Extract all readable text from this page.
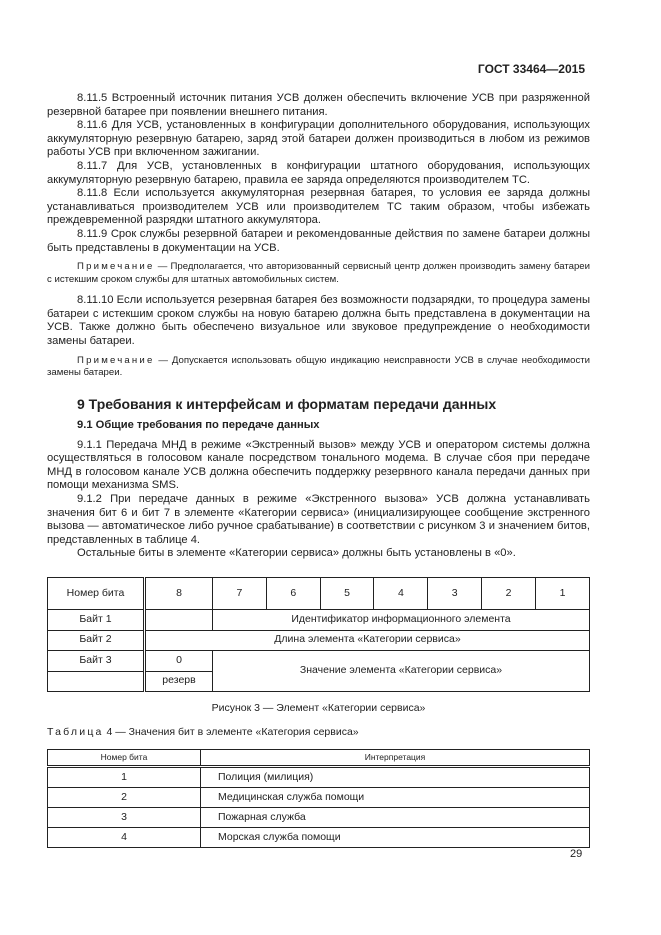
ГОСТ 33464—2015

8.11.5 Встроенный источник питания УСВ должен обеспечить включение УСВ при разряженной резервной батарее при появлении внешнего питания.

8.11.6 Для УСВ, установленных в конфигурации дополнительного оборудования, использующих аккумуляторную резервную батарею, заряд этой батареи должен производиться в любом из режимов работы УСВ при включенном зажигании.

8.11.7 Для УСВ, установленных в конфигурации штатного оборудования, использующих аккумуляторную резервную батарею, правила ее заряда определяются производителем ТС.

8.11.8 Если используется аккумуляторная резервная батарея, то условия ее заряда должны устанавливаться производителем УСВ или производителем ТС таким образом, чтобы избежать преждевременной разрядки штатного аккумулятора.

8.11.9 Срок службы резервной батареи и рекомендованные действия по замене батареи должны быть представлены в документации на УСВ.

Примечание — Предполагается, что авторизованный сервисный центр должен производить замену батареи с истекшим сроком службы для штатных автомобильных систем.

8.11.10 Если используется резервная батарея без возможности подзарядки, то процедура замены батареи с истекшим сроком службы на новую батарею должна быть представлена в документации на УСВ. Также должно быть обеспечено визуальное или звуковое предупреждение о необходимости замены батареи.

Примечание — Допускается использовать общую индикацию неисправности УСВ в случае необходимости замены батареи.

9 Требования к интерфейсам и форматам передачи данных
9.1 Общие требования по передаче данных

9.1.1 Передача МНД в режиме «Экстренный вызов» между УСВ и оператором системы должна осуществляться в голосовом канале посредством тонального модема. В случае сбоя при передаче МНД в голосовом канале УСВ должна обеспечить поддержку резервного канала передачи данных при помощи механизма SMS.

9.1.2 При передаче данных в режиме «Экстренного вызова» УСВ должна устанавливать значения бит 6 и бит 7 в элементе «Категории сервиса» (инициализирующее сообщение экстренного вызова — автоматическое либо ручное срабатывание) в соответствии с рисунком 3 и значением битов, представленных в таблице 4.

Остальные биты в элементе «Категории сервиса» должны быть установлены в «0».

Номер бита	8	7	6	5	4	3	2	1
Байт 1		Идентификатор информационного элемента						
Байт 2	Длина элемента «Категории сервиса»							
Байт 3	0	Значение элемента «Категории сервиса»						
	резерв							
Рисунок 3 — Элемент «Категории сервиса»
Таблица 4 — Значения бит в элементе «Категория сервиса»
Номер бита	Интерпретация
1	Полиция (милиция)
2	Медицинская служба помощи
3	Пожарная служба
4	Морская служба помощи
29
